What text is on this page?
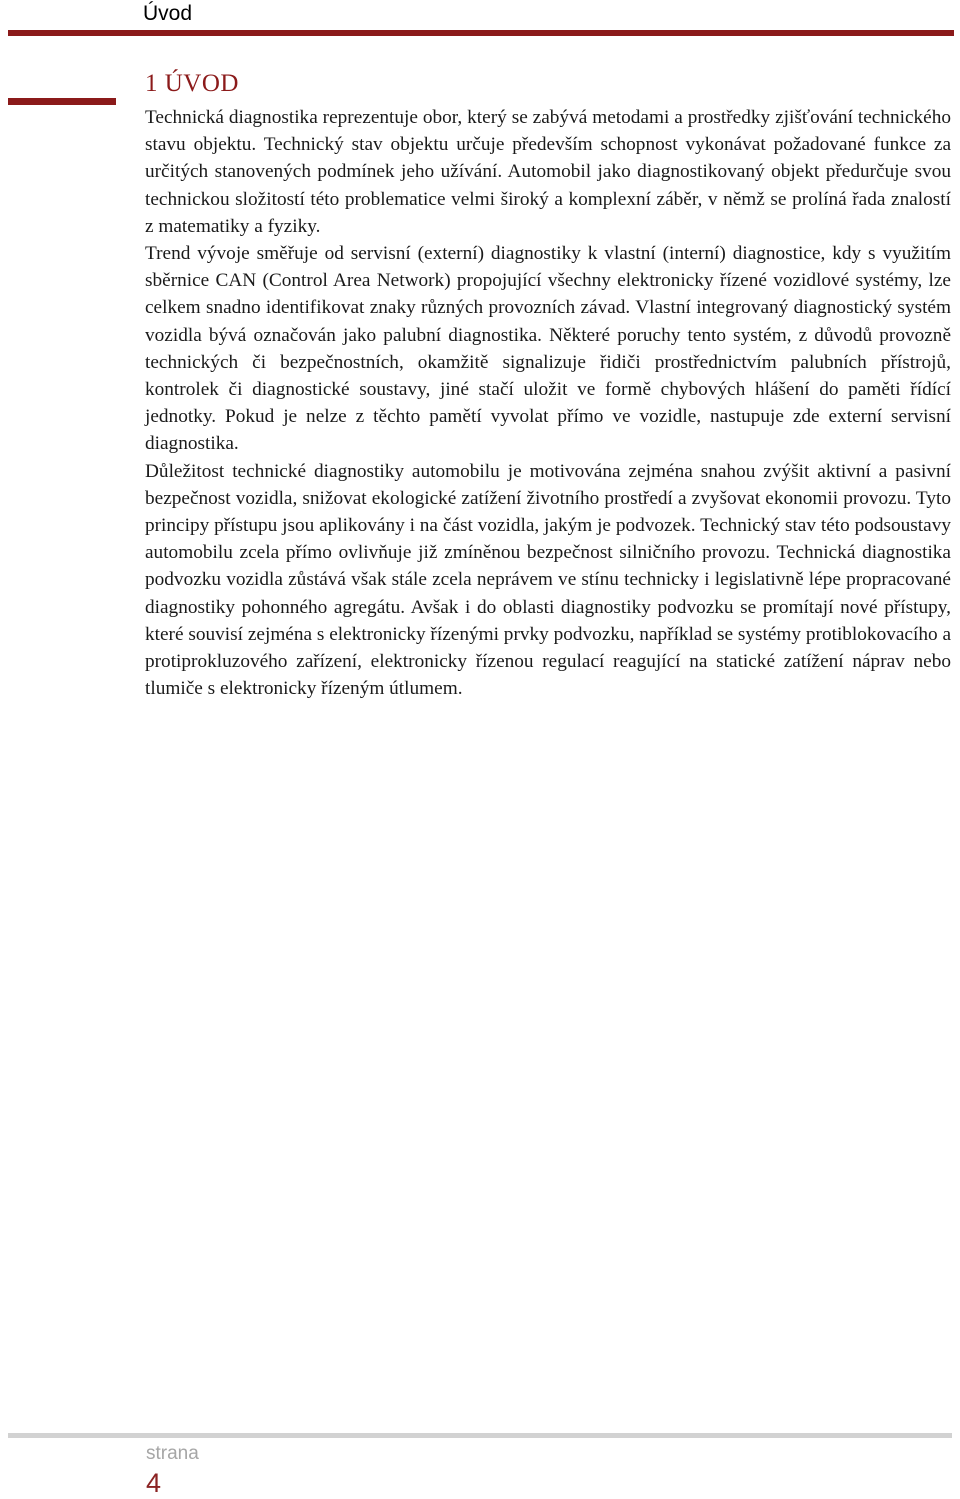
Úvod
1 ÚVOD

Technická diagnostika reprezentuje obor, který se zabývá metodami a prostředky zjišťování technického stavu objektu. Technický stav objektu určuje především schopnost vykonávat požadované funkce za určitých stanovených podmínek jeho užívání. Automobil jako diagnostikovaný objekt předurčuje svou technickou složitostí této problematice velmi široký a komplexní záběr, v němž se prolíná řada znalostí z matematiky a fyziky.

Trend vývoje směřuje od servisní (externí) diagnostiky k vlastní (interní) diagnostice, kdy s využitím sběrnice CAN (Control Area Network) propojující všechny elektronicky řízené vozidlové systémy, lze celkem snadno identifikovat znaky různých provozních závad. Vlastní integrovaný diagnostický systém vozidla bývá označován jako palubní diagnostika. Některé poruchy tento systém, z důvodů provozně technických či bezpečnostních, okamžitě signalizuje řidiči prostřednictvím palubních přístrojů, kontrolek či diagnostické soustavy, jiné stačí uložit ve formě chybových hlášení do paměti řídící jednotky. Pokud je nelze z těchto pamětí vyvolat přímo ve vozidle, nastupuje zde externí servisní diagnostika.

Důležitost technické diagnostiky automobilu je motivována zejména snahou zvýšit aktivní a pasivní bezpečnost vozidla, snižovat ekologické zatížení životního prostředí a zvyšovat ekonomii provozu. Tyto principy přístupu jsou aplikovány i na část vozidla, jakým je podvozek. Technický stav této podsoustavy automobilu zcela přímo ovlivňuje již zmíněnou bezpečnost silničního provozu. Technická diagnostika podvozku vozidla zůstává však stále zcela neprávem ve stínu technicky i legislativně lépe propracované diagnostiky pohonného agregátu. Avšak i do oblasti diagnostiky podvozku se promítají nové přístupy, které souvisí zejména s elektronicky řízenými prvky podvozku, například se systémy protiblokovacího a protiprokluzového zařízení, elektronicky řízenou regulací reagující na statické zatížení náprav nebo tlumiče s elektronicky řízeným útlumem.

strana
4
